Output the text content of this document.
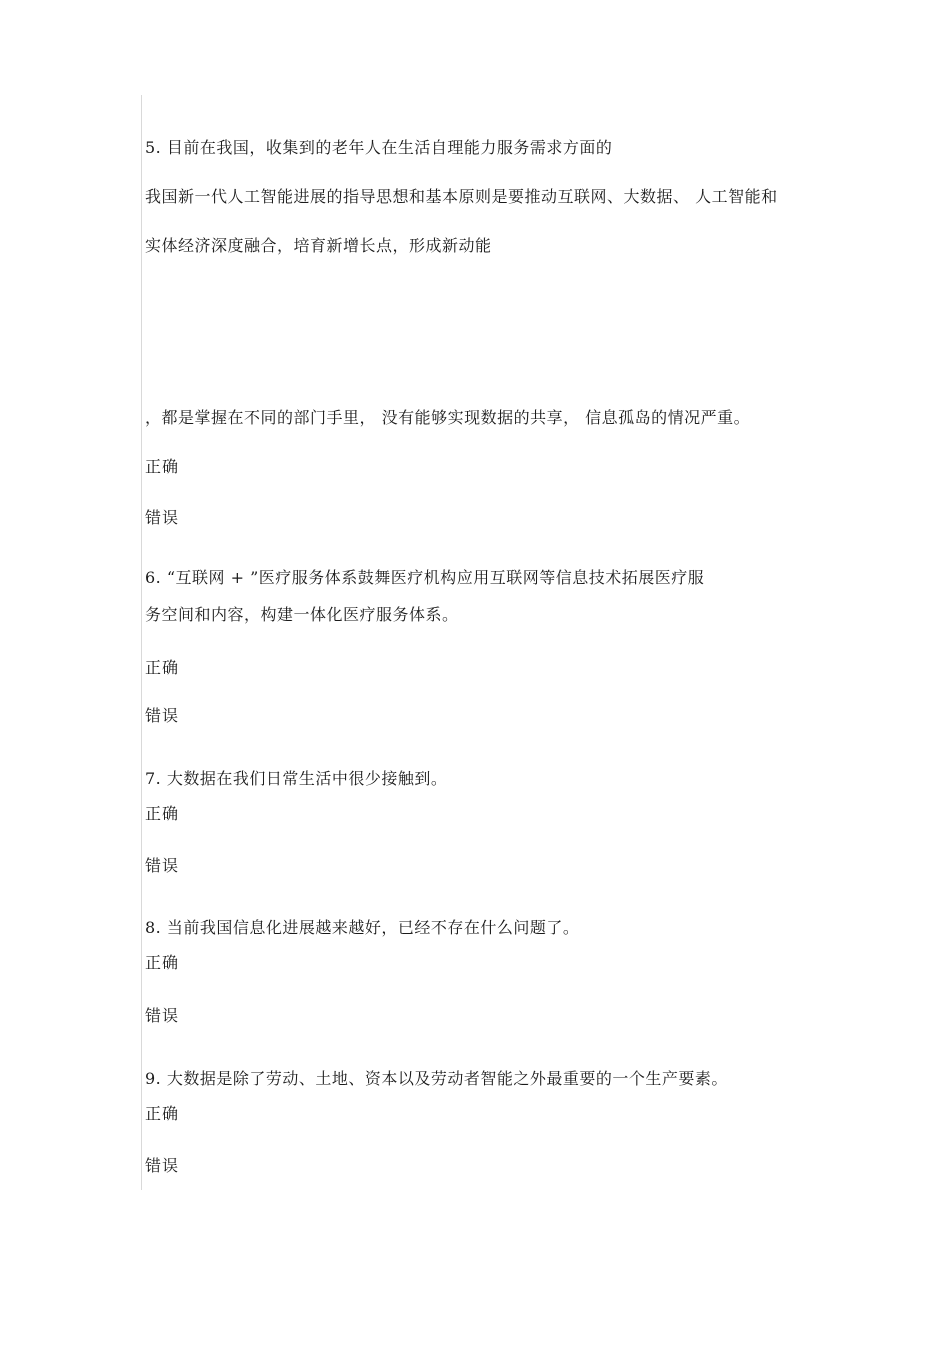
5. 目前在我国，收集到的老年人在生活自理能力服务需求方面的
我国新一代人工智能进展的指导思想和基本原则是要推动互联网、大数据、 人工智能和
实体经济深度融合，培育新增长点，形成新动能
，都是掌握在不同的部门手里， 没有能够实现数据的共享， 信息孤岛的情况严重。
正确
错误
6. “互联网 + ”医疗服务体系鼓舞医疗机构应用互联网等信息技术拓展医疗服
务空间和内容，构建一体化医疗服务体系。
正确
错误
7. 大数据在我们日常生活中很少接触到。
正确
错误
8. 当前我国信息化进展越来越好，已经不存在什么问题了。
正确
错误
9. 大数据是除了劳动、土地、资本以及劳动者智能之外最重要的一个生产要素。
正确
错误
